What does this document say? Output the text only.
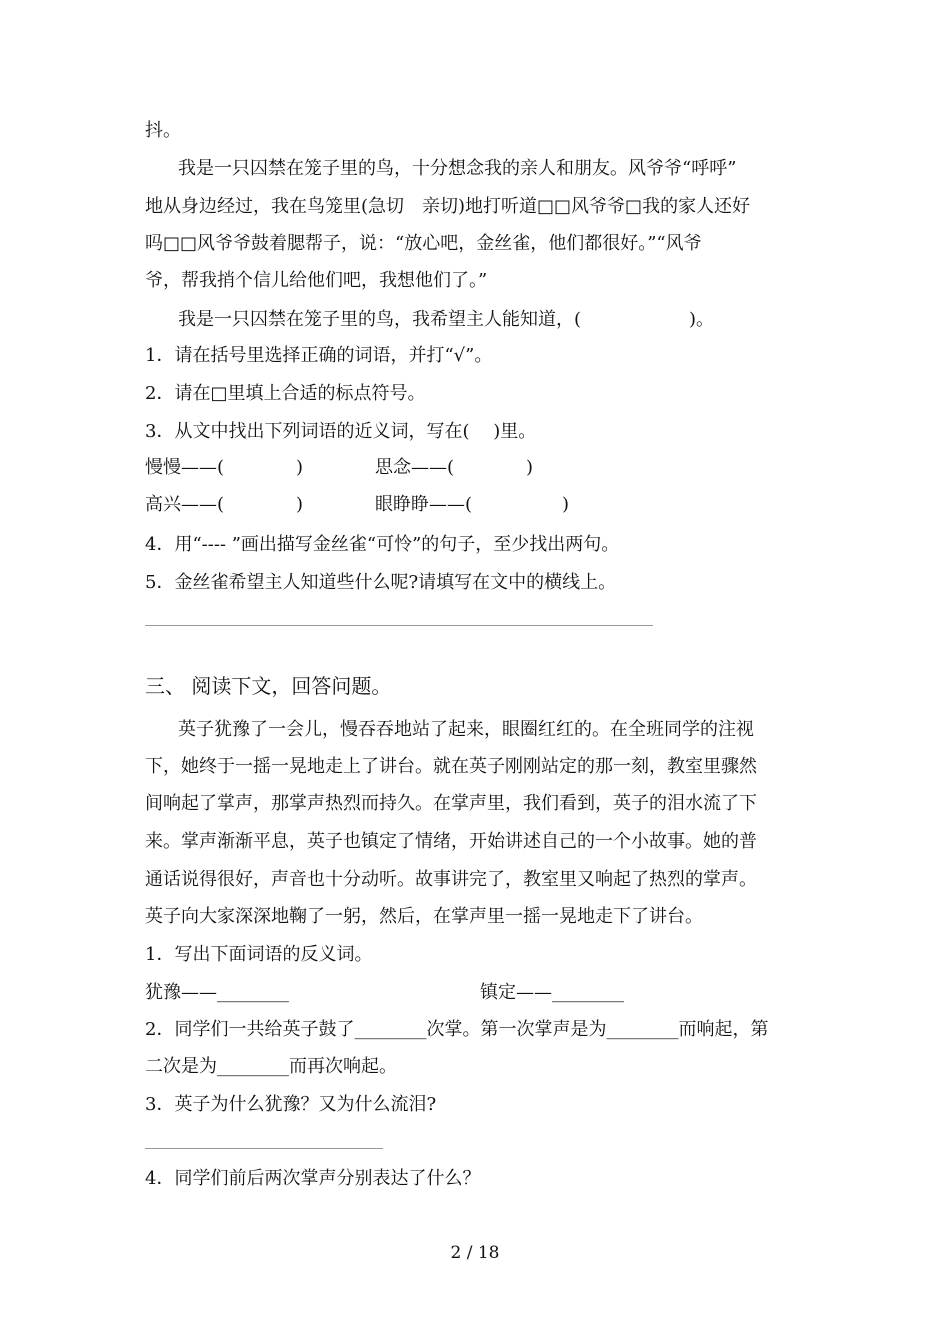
抖。
我是一只囚禁在笼子里的鸟，十分想念我的亲人和朋友。风爷爷“呼呼”
地从身边经过，我在鸟笼里(急切　亲切)地打听道□□风爷爷□我的家人还好
吗□□风爷爷鼓着腮帮子，说：“放心吧，金丝雀，他们都很好。”“风爷
爷，帮我捎个信儿给他们吧，我想他们了。”
我是一只囚禁在笼子里的鸟，我希望主人能知道，(　　　　　　)。
1．请在括号里选择正确的词语，并打“√”。
2．请在□里填上合适的标点符号。
3．从文中找出下列词语的近义词，写在(　 )里。
慢慢——(　　　　)	思念——(　　　　)
高兴——(　　　　)	眼睁睁——(　　　　　)
4．用“---- ”画出描写金丝雀“可怜”的句子，至少找出两句。
5．金丝雀希望主人知道些什么呢?请填写在文中的横线上。
三、 阅读下文，回答问题。
英子犹豫了一会儿，慢吞吞地站了起来，眼圈红红的。在全班同学的注视
下，她终于一摇一晃地走上了讲台。就在英子刚刚站定的那一刻，教室里骤然
间响起了掌声，那掌声热烈而持久。在掌声里，我们看到，英子的泪水流了下
来。掌声渐渐平息，英子也镇定了情绪，开始讲述自己的一个小故事。她的普
通话说得很好，声音也十分动听。故事讲完了，教室里又响起了热烈的掌声。
英子向大家深深地鞠了一躬，然后，在掌声里一摇一晃地走下了讲台。
1．写出下面词语的反义词。
犹豫——________	镇定——________
2．同学们一共给英子鼓了________次掌。第一次掌声是为________而响起，第
二次是为________而再次响起。
3．英子为什么犹豫？又为什么流泪?
4．同学们前后两次掌声分别表达了什么？
2 / 18
